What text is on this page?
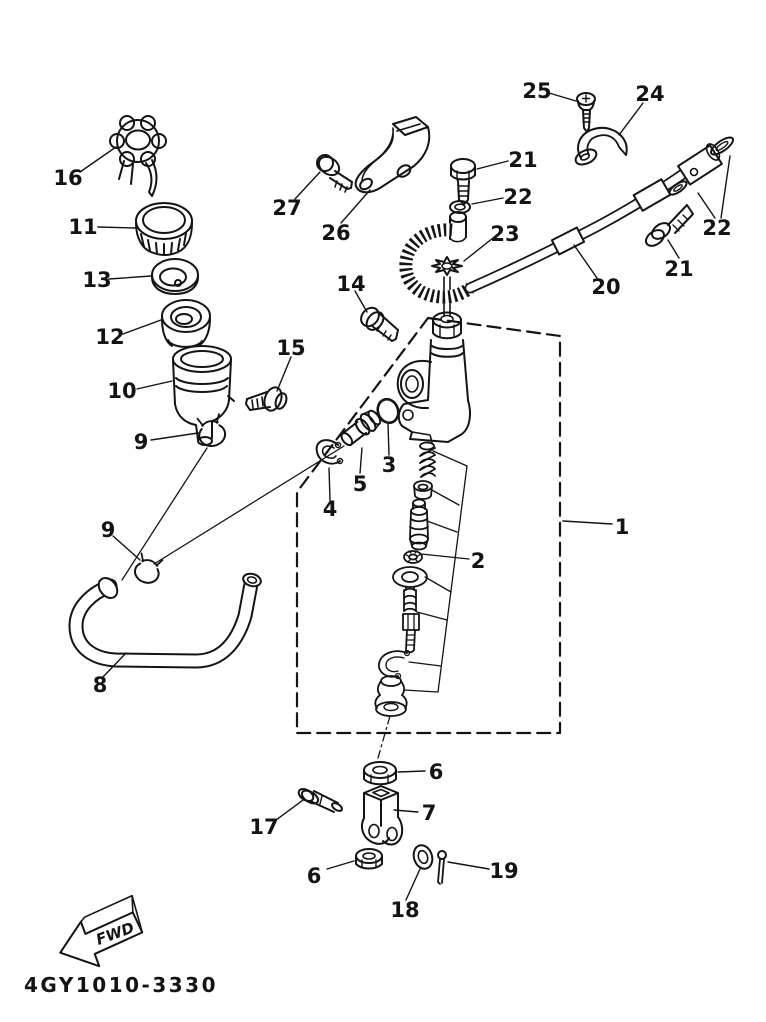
16
11
13
12
10
15
9
9
8
27
26
25	24
21
22
23
20
21
22
14
3
5
4
2
1
6
7
17
6
18
19
FWD
4GY1010-3330
